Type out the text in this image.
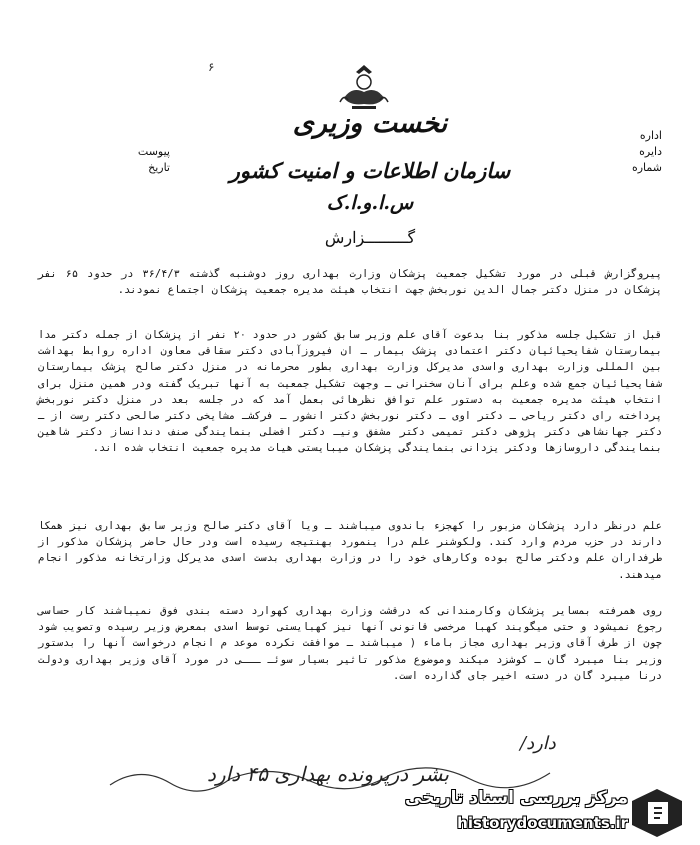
۶
نخست وزیری
سازمان اطلاعات و امنیت کشور
س.ا.و.ا.ک
گـــــــــزارش
اداره
دایره
شماره
پیوست
تاریخ

پیروگزارش قبلی در مورد تشکیل جمعیت پزشکان وزارت بهداری روز دوشنبه گذشته ۳۶/۴/۳ در حدود ۶۵ نفر پزشکان در منزل دکتر جمال الدین نوربخش جهت انتخاب هیئت مدیره جمعیت پزشکان اجتماع نمودند.

قبل از تشکیل جلسه مذکور بنا بدعوت آقای علم وزیر سابق کشور در حدود ۲۰ نفر از پزشکان از جمله دکتر مدا بیمارستان شفایحیائیان دکتر اعتمادی پزشک بیمار ـ ان فیروزآبادی دکتر سقاقی معاون اداره روابط بهداشت بین المللی وزارت بهداری واسدی مدیرکل وزارت بهداری بطور محرمانه در منزل دکتر صالح پزشک بیمارستان شفایحیائیان جمع شده وعلم برای آنان سخنرانی ـ وجهت تشکیل جمعیت به آنها تبریک گفته ودر همین منزل برای انتخاب هیئت مدیره جمعیت به دستور علم توافق نظرهائی بعمل آمد که در جلسه بعد در منزل دکتر نوربخش پرداخته رای دکتر ریاحی ـ دکتر اوی ـ دکتر نوربخش دکتر انشور ـ فرکشـ مشایخی دکتر صالحی دکتر رست از ـ دکتر جهانشاهی دکتر پژوهی دکتر تمیمی دکتر مشفق ونیـ دکتر افضلی بنمایندگی صنف دندانساز دکتر شاهین بنمایندگی داروسازها ودکتر یزدانی بنمایندگی پزشکان میبایستی هیات مدیره جمعیت انتخاب شده اند.

علم درنظر دارد پزشکان مزبور را کهجزء باندوی میباشند ـ ویا آقای دکتر صالح وزیر سابق بهداری نیز همکا دارند در حزب مردم وارد کند. ولکوشنر علم درا ینمورد بهنتیجه رسیده است ودر حال حاضر پزشکان مذکور از طرفداران علم ودکتر صالح بوده وکارهای خود را در وزارت بهداری بدست اسدی مدیرکل وزارتخانه مذکور انجام میدهند.

روی همرفته بمسایر پزشکان وکارمندانی که درقشت وزارت بهداری کهوارد دسته بندی فوق نمیباشند کار حساسی رجوع نمیشود و حتی میگویند کهبا مرخصی قانونی آنها نیز کهبایستی توسط اسدی بمعرض وزیر رسیده وتصویب شود چون از طرف آقای وزیر بهداری مجاز باماء ( میباشند ـ موافقت نکرده موعد م انجام درخواست آنها را بدستور وزیر بنا میبرد گان ـ کوشزد میکند وموضوع مذکور تاثیر بسیار سوئـ ـــی در مورد آقای وزیر بهداری ودولت درنا میبرد گان در دسته اخیر جای گذارده است.

دارد/
بشر درپرونده بهداری ۴۵ دارد
مرکز بررسی اسناد تاریخی
historydocuments.ir
